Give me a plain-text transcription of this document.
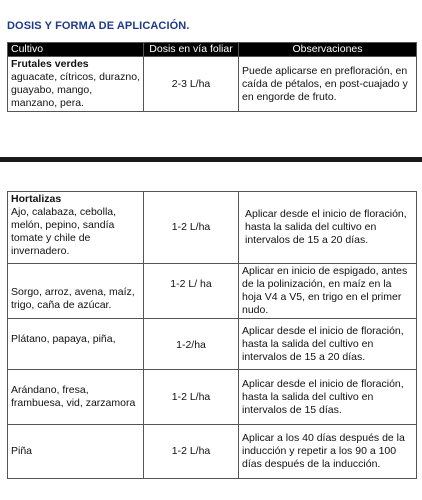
DOSIS Y FORMA DE APLICACIÓN.
Cultivo	Dosis en vía foliar	Observaciones

Frutales verdes
aguacate, cítricos, durazno, guayabo, mango, manzano, pera.	2-3 L/ha	Puede aplicarse en prefloración, en caída de pétalos, en post-cuajado y en engorde de fruto.
Hortalizas
Ajo, calabaza, cebolla, melón, pepino, sandía tomate y chile de invernadero.	1-2 L/ha	Aplicar desde el inicio de floración, hasta la salida del cultivo en intervalos de 15 a 20 días.
Sorgo, arroz, avena, maíz, trigo, caña de azúcar.	1-2 L/ ha	Aplicar en inicio de espigado, antes de la polinización, en maíz en la hoja V4 a V5, en trigo en el primer nudo.
Plátano, papaya, piña,	1-2/ha	Aplicar desde el inicio de floración, hasta la salida del cultivo en intervalos de 15 a 20 días.
Arándano, fresa, frambuesa, vid, zarzamora	1-2 L/ha	Aplicar desde el inicio de floración, hasta la salida del cultivo en intervalos de 15 días.
Piña	1-2 L/ha	Aplicar a los 40 días después de la inducción y repetir a los 90 a 100 días después de la inducción.
